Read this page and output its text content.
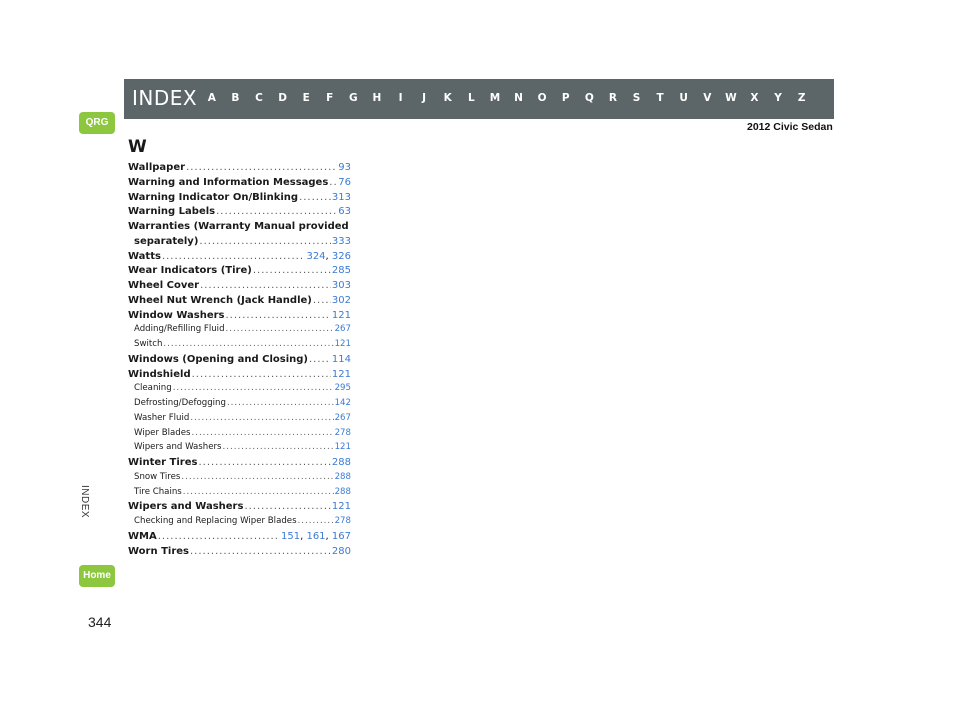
INDEX	A	B	C	D	E	F	G	H	I	J	K	L	M	N	O	P	Q	R	S	T	U	V	W	X	Y	Z
2012 Civic Sedan
QRG
INDEX
Home
344
W
Wallpaper .....	93
Warning and Information Messages ..... 76
Warning Indicator On/Blinking .....	313
Warning Labels .....	63
Warranties (Warranty Manual provided
separately) .....	333
Watts .....	324, 326
Wear Indicators (Tire) .....	285
Wheel Cover .....	303
Wheel Nut Wrench (Jack Handle) ..... 302
Window Washers .....	121
Adding/Refilling Fluid .....	267
Switch .....	121
Windows (Opening and Closing) ..... 114
Windshield .....	121
Cleaning .....	295
Defrosting/Defogging .....	142
Washer Fluid .....	267
Wiper Blades .....	278
Wipers and Washers .....	121
Winter Tires .....	288
Snow Tires .....	288
Tire Chains .....	288
Wipers and Washers .....	121
Checking and Replacing Wiper Blades .....	278
WMA .....	151, 161, 167
Worn Tires .....	280
